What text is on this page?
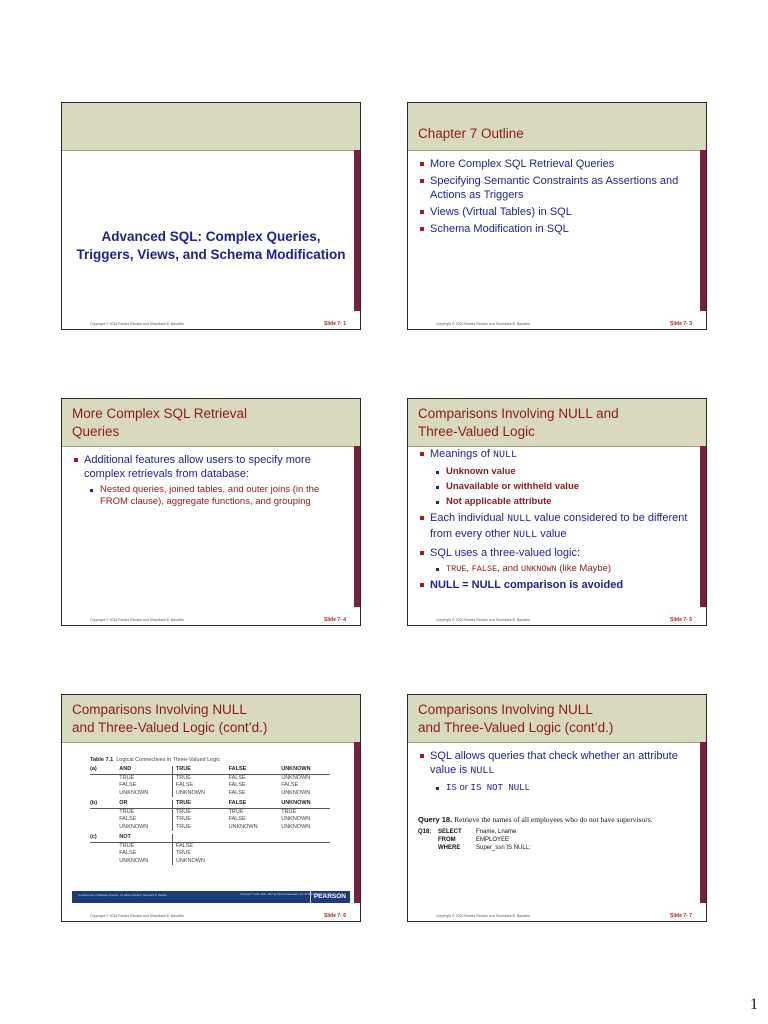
Advanced SQL: Complex Queries, Triggers, Views, and Schema Modification
Copyright © 2016 Ramez Elmasri and Shamkant B. Navathe	Slide 7- 1
Chapter 7 Outline
More Complex SQL Retrieval Queries
Specifying Semantic Constraints as Assertions and Actions as Triggers
Views (Virtual Tables) in SQL
Schema Modification in SQL
Copyright © 2016 Ramez Elmasri and Shamkant B. Navathe	Slide 7- 3
More Complex SQL Retrieval Queries
Additional features allow users to specify more complex retrievals from database:
Nested queries, joined tables, and outer joins (in the FROM clause), aggregate functions, and grouping
Copyright © 2016 Ramez Elmasri and Shamkant B. Navathe	Slide 7- 4
Comparisons Involving NULL and Three-Valued Logic
Meanings of NULL
Unknown value
Unavailable or withheld value
Not applicable attribute
Each individual NULL value considered to be different from every other NULL value
SQL uses a three-valued logic:
TRUE, FALSE, and UNKNOWN (like Maybe)
NULL = NULL comparison is avoided
Copyright © 2016 Ramez Elmasri and Shamkant B. Navathe	Slide 7- 5
Comparisons Involving NULL
and Three-Valued Logic (cont’d.)
Table 7.1 Logical Connectives in Three-Valued Logic
(a)	AND	TRUE	FALSE	UNKNOWN
TRUE	TRUE	FALSE	UNKNOWN
FALSE	FALSE	FALSE	FALSE
UNKNOWN	UNKNOWN	FALSE	UNKNOWN
(b)	OR	TRUE	FALSE	UNKNOWN
TRUE	TRUE	TRUE	TRUE
FALSE	TRUE	FALSE	UNKNOWN
UNKNOWN	TRUE	UNKNOWN	UNKNOWN
(c)	NOT
TRUE	FALSE
FALSE	TRUE
UNKNOWN	UNKNOWN
Fundamentals of Database Systems, 7/e Ramez Elmasri | Shamkant B. Navathe	Copyright © 2016, 2011, 2007 by Pearson Education, Inc. All Rights Reserved
PEARSON
Copyright © 2016 Ramez Elmasri and Shamkant B. Navathe	Slide 7- 6
Comparisons Involving NULL
and Three-Valued Logic (cont’d.)
SQL allows queries that check whether an attribute value is NULL
IS or IS NOT NULL
Query 18. Retrieve the names of all employees who do not have supervisors.
Q18:	SELECT	Fname, Lname
FROM	EMPLOYEE
WHERE	Super_ssn IS NULL;
Copyright © 2016 Ramez Elmasri and Shamkant B. Navathe	Slide 7- 7
1
